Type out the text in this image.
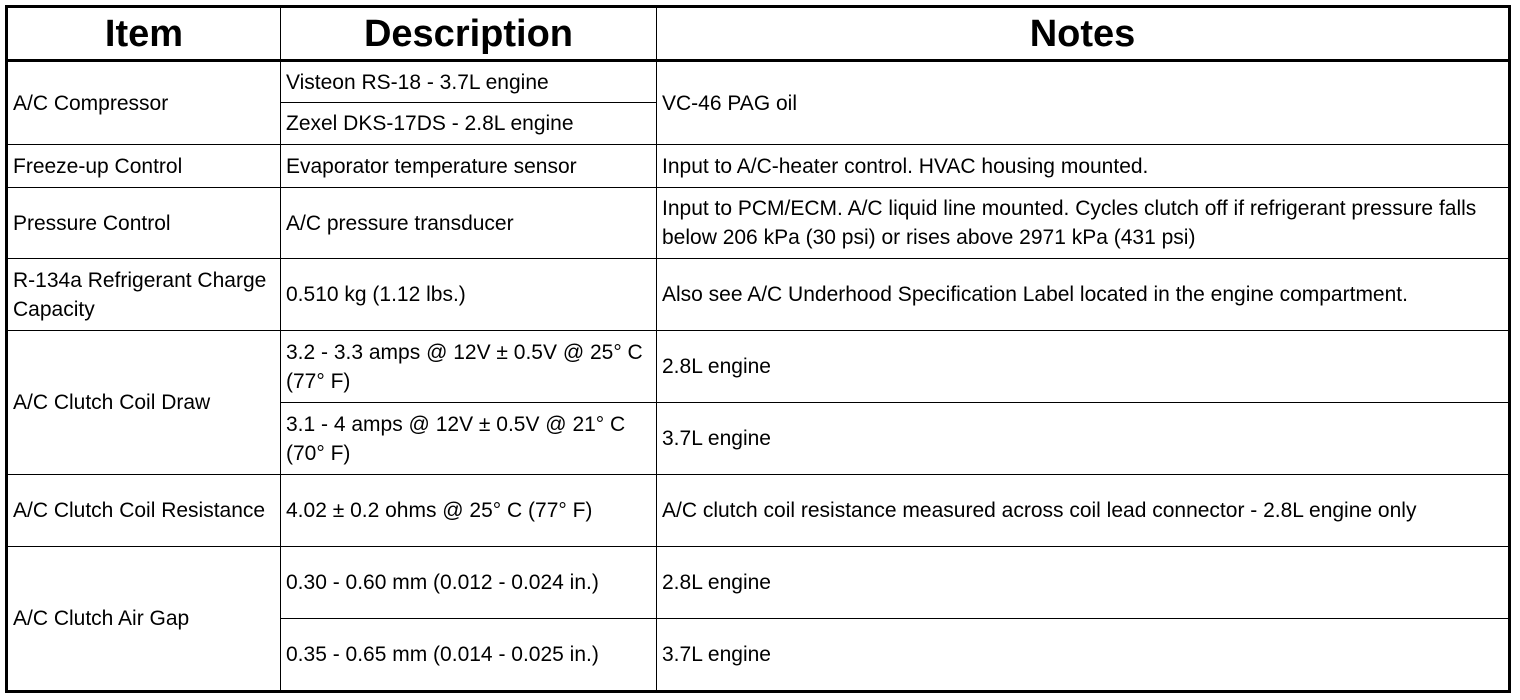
Item	Description	Notes
A/C Compressor	Visteon RS-18 - 3.7L engine	VC-46 PAG oil
	Zexel DKS-17DS - 2.8L engine	
Freeze-up Control	Evaporator temperature sensor	Input to A/C-heater control. HVAC housing mounted.
Pressure Control	A/C pressure transducer	Input to PCM/ECM. A/C liquid line mounted. Cycles clutch off if refrigerant pressure falls below 206 kPa (30 psi) or rises above 2971 kPa (431 psi)
R-134a Refrigerant Charge Capacity	0.510 kg (1.12 lbs.)	Also see A/C Underhood Specification Label located in the engine compartment.
A/C Clutch Coil Draw	3.2 - 3.3 amps @ 12V ± 0.5V @ 25° C (77° F)	2.8L engine
	3.1 - 4 amps @ 12V ± 0.5V @ 21° C (70° F)	3.7L engine
A/C Clutch Coil Resistance	4.02 ± 0.2 ohms @ 25° C (77° F)	A/C clutch coil resistance measured across coil lead connector - 2.8L engine only
A/C Clutch Air Gap	0.30 - 0.60 mm (0.012 - 0.024 in.)	2.8L engine
	0.35 - 0.65 mm (0.014 - 0.025 in.)	3.7L engine
